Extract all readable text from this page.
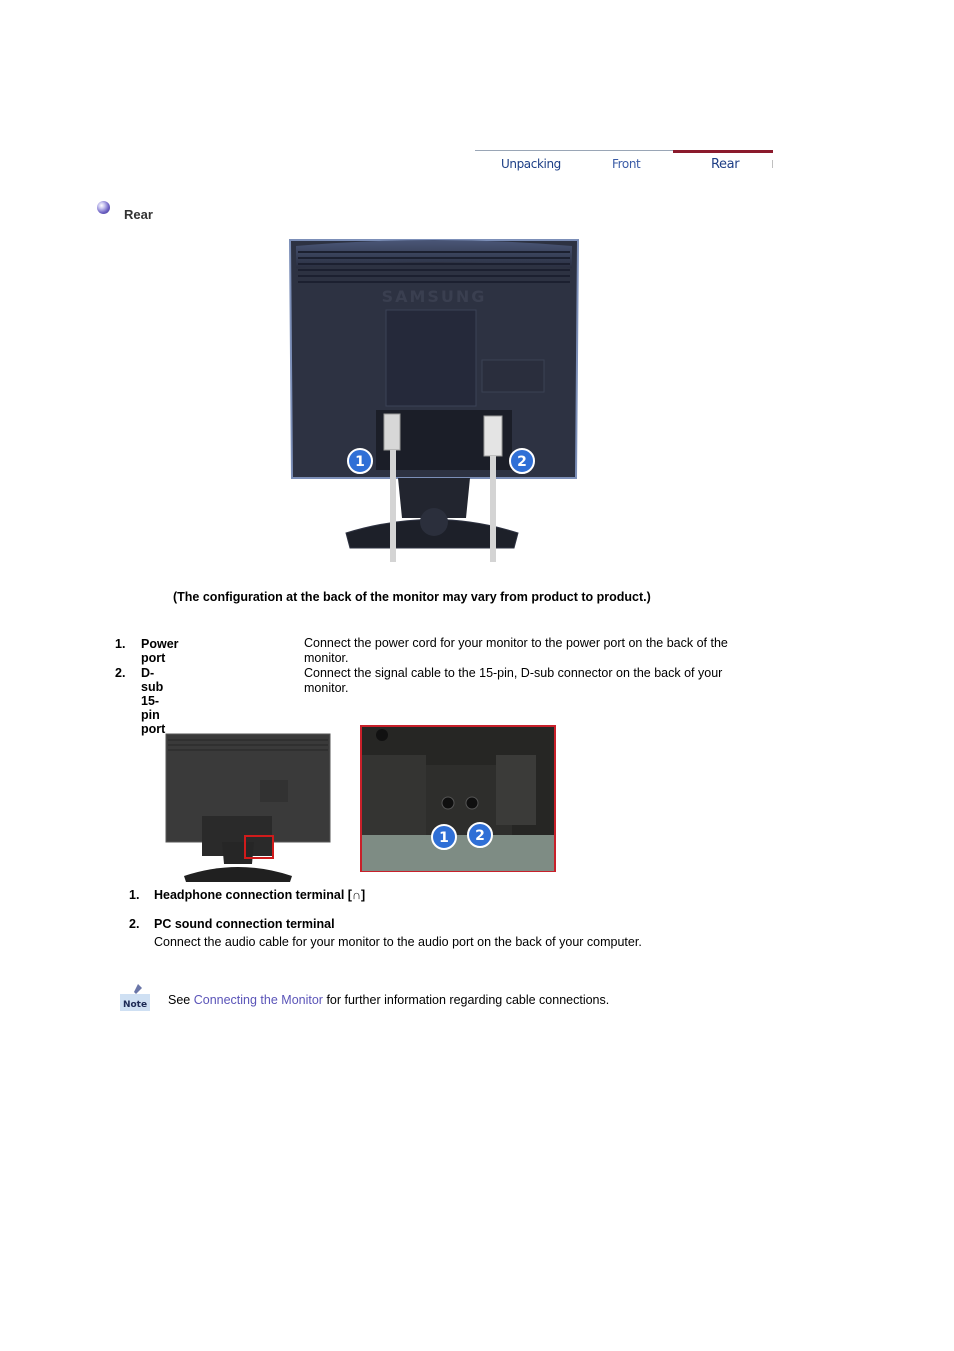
Unpacking	Front	Rear
Rear
SAMSUNG
1	2
(The configuration at the back of the monitor may vary from product to product.)
1. Power port
Connect the power cord for your monitor to the power port on the back of the monitor.
2. D-sub 15-pin port
Connect the signal cable to the 15-pin, D-sub connector on the back of your monitor.
1 2
1. Headphone connection terminal [∩]
2. PC sound connection terminal
Connect the audio cable for your monitor to the audio port on the back of your computer.
Note See Connecting the Monitor for further information regarding cable connections.
